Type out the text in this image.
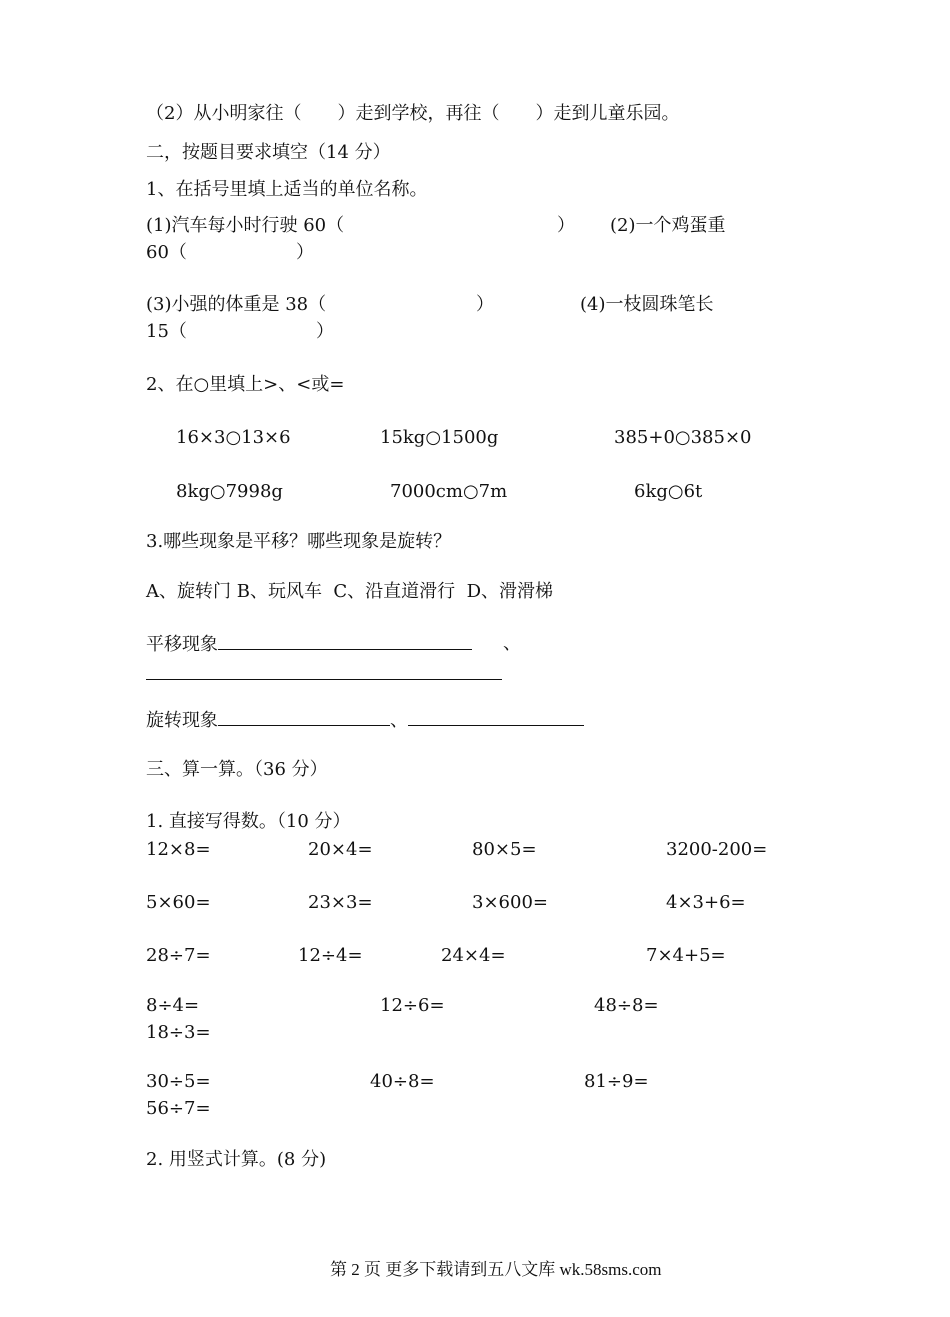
（2）从小明家往（　　）走到学校，再往（　　）走到儿童乐园。
二，按题目要求填空（14 分）
1、在括号里填上适当的单位名称。
(1)汽车每小时行驶 60（	） (2)一个鸡蛋重
60（	）
(3)小强的体重是 38（	）	(4)一枝圆珠笔长
15（	）
2、在○里填上>、<或=
16×3○13×6	15kg○1500g	385+0○385×0
8kg○7998g	7000cm○7m	6kg○6t
3.哪些现象是平移？哪些现象是旋转？
A、旋转门 B、玩风车  C、沿直道滑行  D、滑滑梯
平移现象	、
旋转现象	、
三、算一算。（36 分）
1. 直接写得数。（10 分）
12×8=	20×4=	80×5=	3200-200=
5×60=	23×3=	3×600=	4×3+6=
28÷7=	12÷4=	24×4=	7×4+5=
8÷4=	12÷6=	48÷8=
18÷3=
30÷5=	40÷8=	81÷9=
56÷7=
2. 用竖式计算。(8 分)
第 2 页 更多下载请到五八文库 wk.58sms.com
